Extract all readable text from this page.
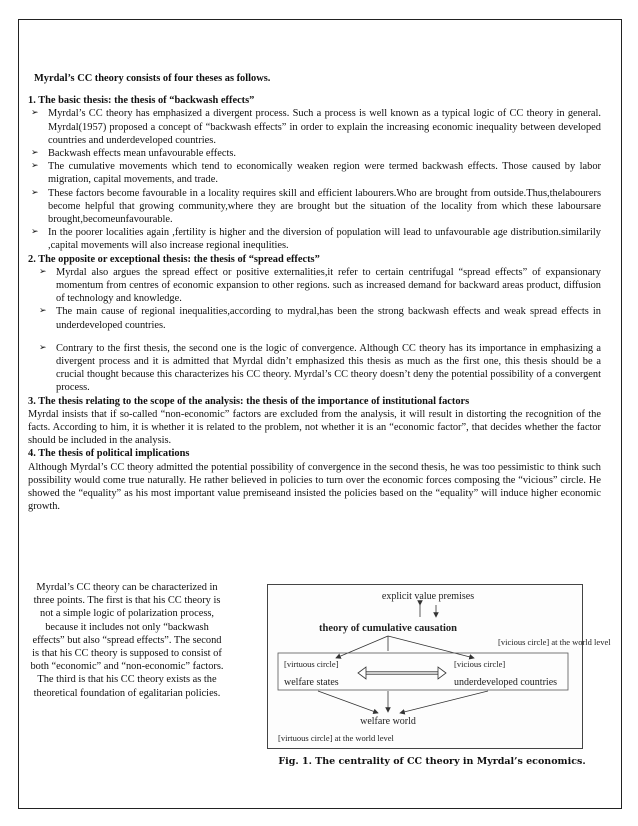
Myrdal’s CC theory consists of four theses as follows.
1. The basic thesis: the thesis of “backwash effects”
➢ Myrdal’s CC theory has emphasized a divergent process. Such a process is well known as a typical logic of CC theory in general. Myrdal(1957) proposed a concept of “backwash effects” in order to explain the increasing economic inequality between developed countries and underdeveloped countries.
➢ Backwash effects mean unfavourable effects.
➢ The cumulative movements which tend to economically weaken region were termed backwash effects. Those caused by labor migration, capital movements, and trade.
➢ These factors become favourable in a locality requires skill and efficient labourers.Who are brought from outside.Thus,thelabourers become helpful that growing community,where they are brought but the situation of the locality from which these laboursare brought,becomeunfavourable.
➢ In the poorer localities again ,fertility is higher and the diversion of population will lead to unfavourable age distribution.similarily ,capital movements will also increase regional inequlities.
2. The opposite or exceptional thesis: the thesis of “spread effects”
➢ Myrdal also argues the spread effect or positive externalities,it refer to certain centrifugal “spread effects” of expansionary momentum from centres of economic expansion to other regions. such as increased demand for backward areas product, diffusion of technology and knowledge.
➢ The main cause of regional inequalities,according to mydral,has been the strong backwash effects and weak spread effects in underdeveloped countries.
➢ Contrary to the first thesis, the second one is the logic of convergence. Although CC theory has its importance in emphasizing a divergent process and it is admitted that Myrdal didn’t emphasized this thesis as much as the first one, this thesis should be a crucial thought because this characterizes his CC theory. Myrdal’s CC theory doesn’t deny the potential possibility of a convergent process.
3. The thesis relating to the scope of the analysis: the thesis of the importance of institutional factors

Myrdal insists that if so-called “non-economic” factors are excluded from the analysis, it will result in distorting the recognition of the facts. According to him, it is whether it is related to the problem, not whether it is an “economic factor”, that decides whether the factor should be included in the analysis.

4. The thesis of political implications

Although Myrdal’s CC theory admitted the potential possibility of convergence in the second thesis, he was too pessimistic to think such possibility would come true naturally. He rather believed in policies to turn over the economic forces composing the “vicious” circle. He showed the “equality” as his most important value premiseand insisted the policies based on the “equality” will induce higher economic growth.

Myrdal’s CC theory can be characterized in three points. The first is that his CC theory is not a simple logic of polarization process, because it includes not only “backwash effects” but also “spread effects”. The second is that his CC theory is supposed to consist of both “economic” and “non-economic” factors. The third is that his CC theory exists as the theoretical foundation of egalitarian policies.
explicit value premises
theory of cumulative causation
[vicious circle] at the world level
[virtuous circle]
welfare states
[vicious circle]
underdeveloped countries
welfare world
[virtuous circle] at the world level
Fig. 1. The centrality of CC theory in Myrdal’s economics.
